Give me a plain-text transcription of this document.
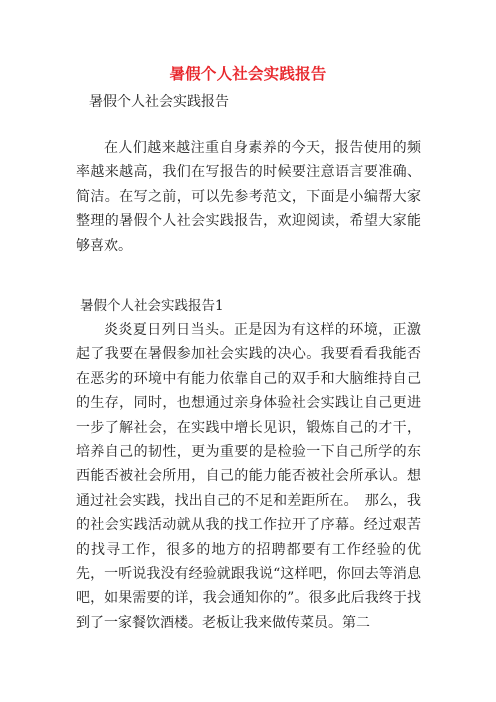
暑假个人社会实践报告
暑假个人社会实践报告

在人们越来越注重自身素养的今天，报告使用的频率越来越高，我们在写报告的时候要注意语言要准确、简洁。在写之前，可以先参考范文，下面是小编帮大家整理的暑假个人社会实践报告，欢迎阅读，希望大家能够喜欢。

暑假个人社会实践报告1

炎炎夏日列日当头。正是因为有这样的环境，正激起了我要在暑假参加社会实践的决心。我要看看我能否在恶劣的环境中有能力依靠自己的双手和大脑维持自己的生存，同时，也想通过亲身体验社会实践让自己更进一步了解社会，在实践中增长见识，锻炼自己的才干，培养自己的韧性，更为重要的是检验一下自己所学的东西能否被社会所用，自己的能力能否被社会所承认。想通过社会实践，找出自己的不足和差距所在。　那么，我的社会实践活动就从我的找工作拉开了序幕。经过艰苦的找寻工作，很多的地方的招聘都要有工作经验的优先，一听说我没有经验就跟我说“这样吧，你回去等消息吧，如果需要的详，我会通知你的”。很多此后我终于找到了一家餐饮酒楼。老板让我来做传菜员。第二
